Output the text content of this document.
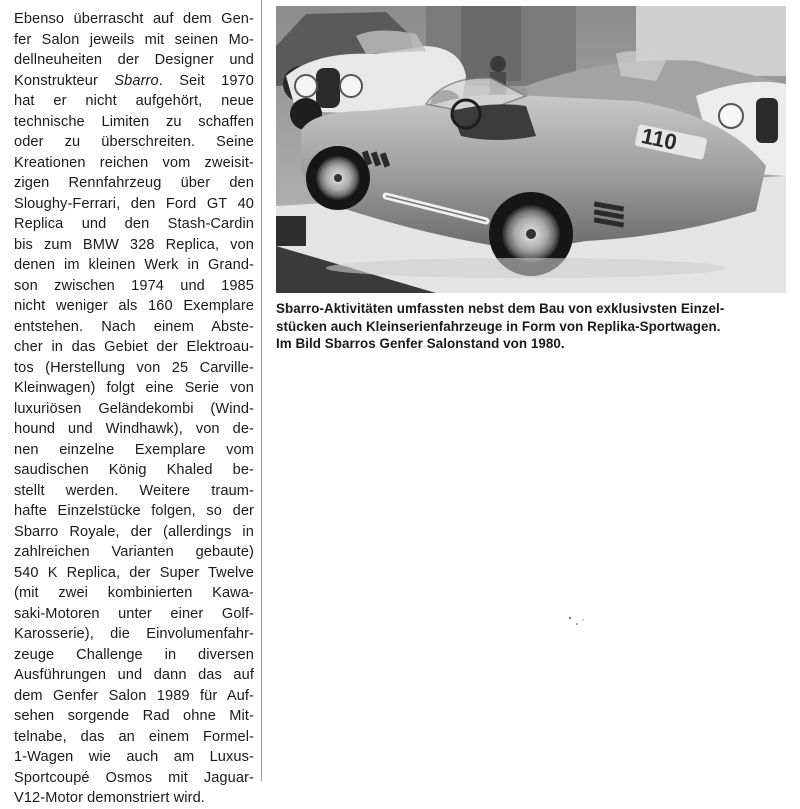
Ebenso überrascht auf dem Gen-
fer Salon jeweils mit seinen Mo-
dellneuheiten der Designer und
Konstrukteur Sbarro. Seit 1970
hat er nicht aufgehört, neue
technische Limiten zu schaffen
oder zu überschreiten. Seine
Kreationen reichen vom zweisit-
zigen Rennfahrzeug über den
Sloughy-Ferrari, den Ford GT 40
Replica und den Stash-Cardin
bis zum BMW 328 Replica, von
denen im kleinen Werk in Grand-
son zwischen 1974 und 1985
nicht weniger als 160 Exemplare
entstehen. Nach einem Abste-
cher in das Gebiet der Elektroau-
tos (Herstellung von 25 Carville-
Kleinwagen) folgt eine Serie von
luxuriösen Geländekombi (Wind-
hound und Windhawk), von de-
nen einzelne Exemplare vom
saudischen König Khaled be-
stellt werden. Weitere traum-
hafte Einzelstücke folgen, so der
Sbarro Royale, der (allerdings in
zahlreichen Varianten gebaute)
540 K Replica, der Super Twelve
(mit zwei kombinierten Kawa-
saki-Motoren unter einer Golf-
Karosserie), die Einvolumenfahr-
zeuge Challenge in diversen
Ausführungen und dann das auf
dem Genfer Salon 1989 für Auf-
sehen sorgende Rad ohne Mit-
telnabe, das an einem Formel-
1-Wagen wie auch am Luxus-
Sportcoupé Osmos mit Jaguar-
V12-Motor demonstriert wird.
110
Sbarro-Aktivitäten umfassten nebst dem Bau von exklusivsten Einzel-
stücken auch Kleinserienfahrzeuge in Form von Replika-Sportwagen.
Im Bild Sbarros Genfer Salonstand von 1980.
